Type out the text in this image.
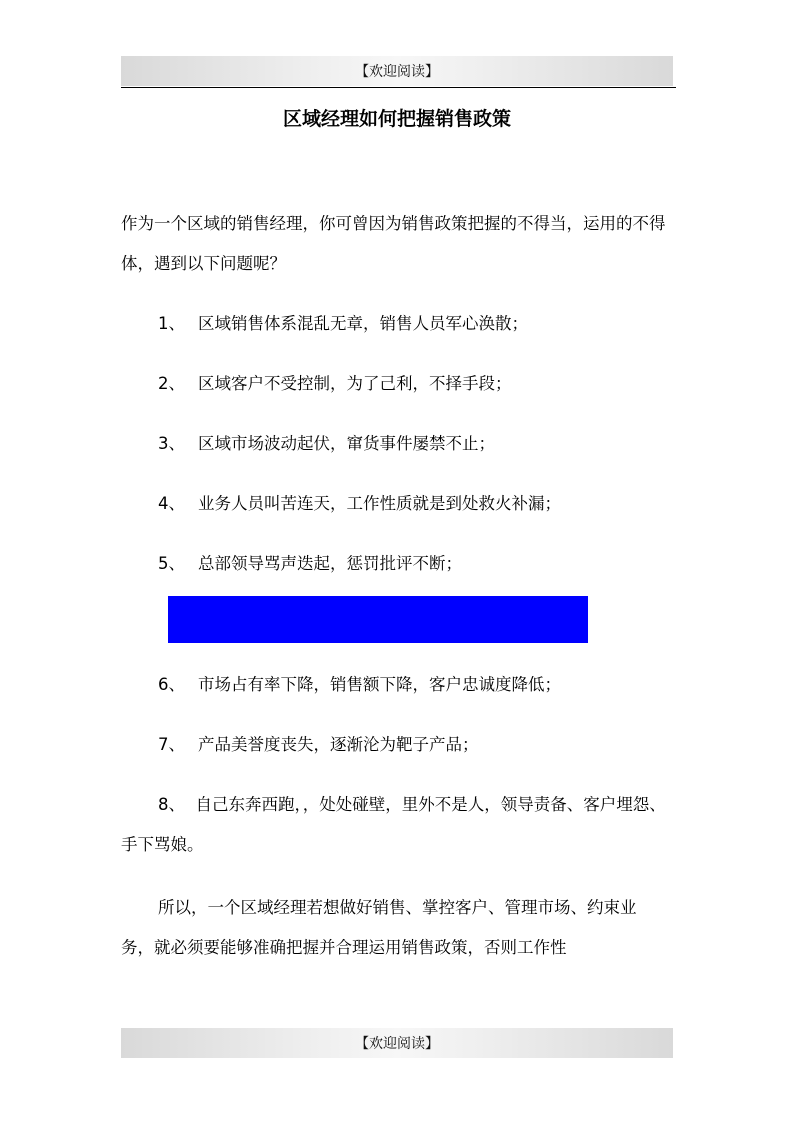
【欢迎阅读】
区域经理如何把握销售政策

作为一个区域的销售经理，你可曾因为销售政策把握的不得当，运用的不得体，遇到以下问题呢？

1、 区域销售体系混乱无章，销售人员军心涣散；
2、 区域客户不受控制，为了己利，不择手段；
3、 区域市场波动起伏，窜货事件屡禁不止；
4、 业务人员叫苦连天，工作性质就是到处救火补漏；
5、 总部领导骂声迭起，惩罚批评不断；
6、 市场占有率下降，销售额下降，客户忠诚度降低；
7、 产品美誉度丧失，逐渐沦为靶子产品；
8、 自己东奔西跑，，处处碰壁，里外不是人，领导责备、客户埋怨、手下骂娘。

所以，一个区域经理若想做好销售、掌控客户、管理市场、约束业务，就必须要能够准确把握并合理运用销售政策，否则工作性

【欢迎阅读】
